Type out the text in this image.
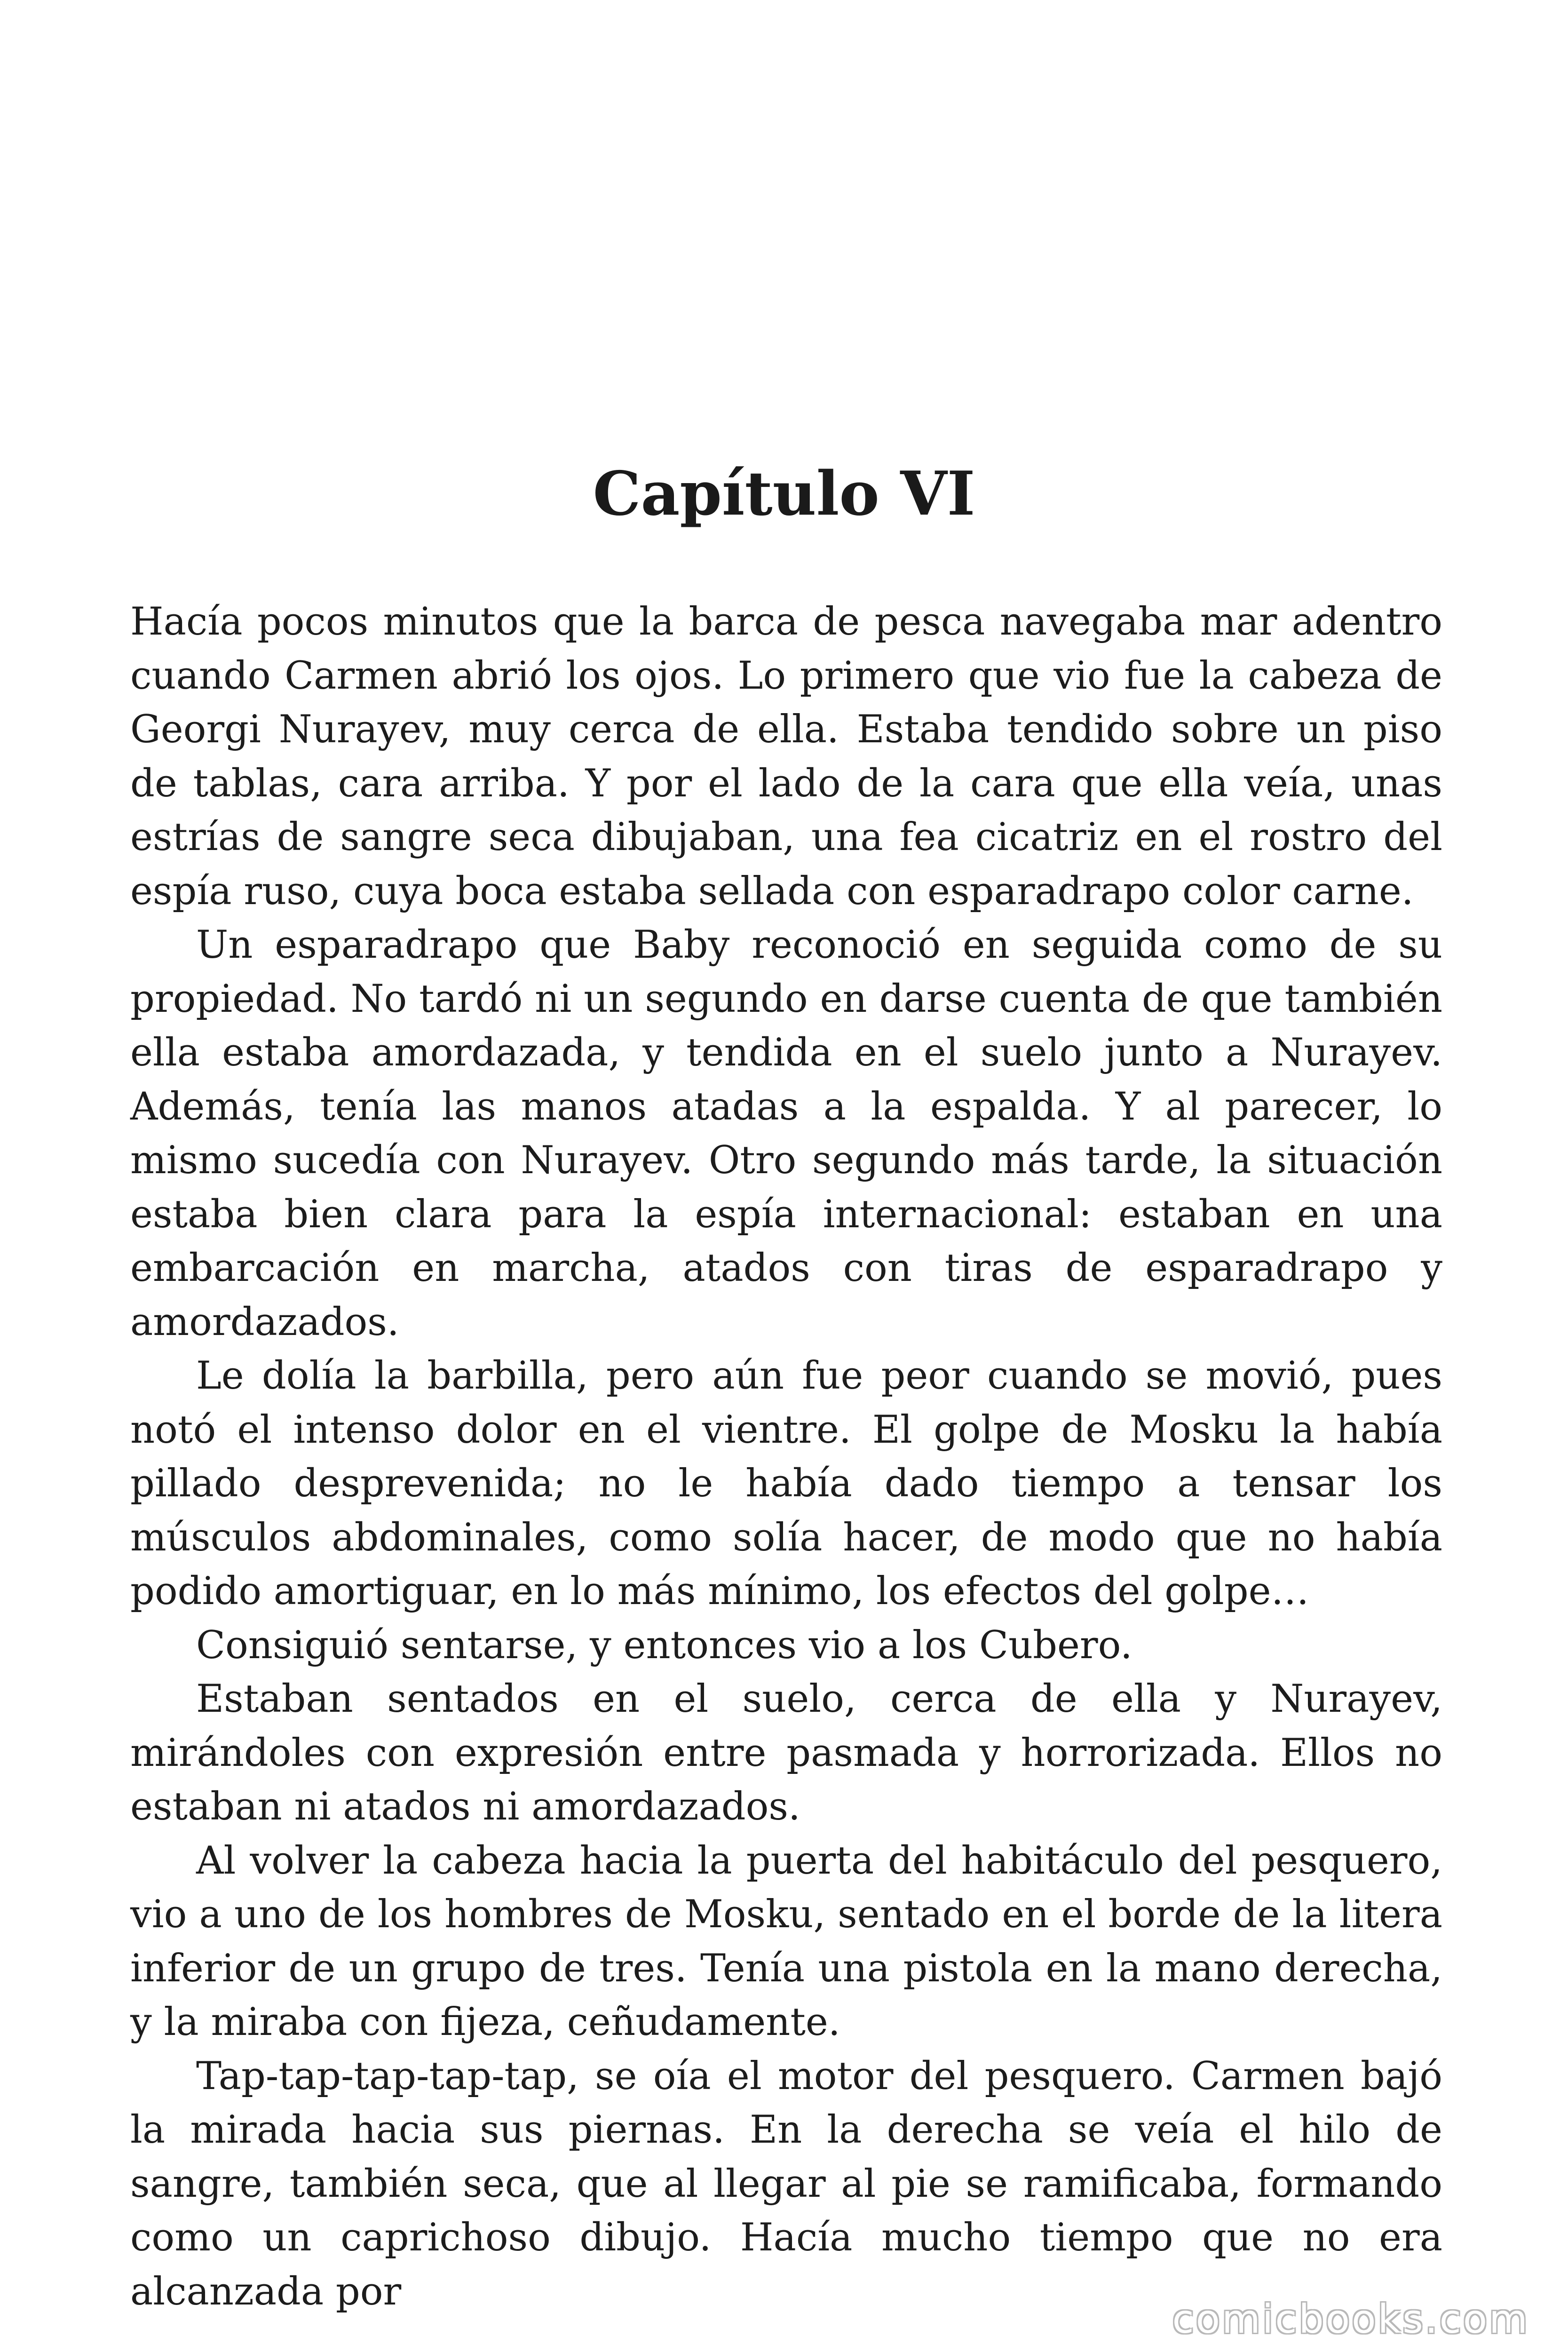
Capítulo VI

Hacía pocos minutos que la barca de pesca navegaba mar adentro cuando Carmen abrió los ojos. Lo primero que vio fue la cabeza de Georgi Nurayev, muy cerca de ella. Estaba tendido sobre un piso de tablas, cara arriba. Y por el lado de la cara que ella veía, unas estrías de sangre seca dibujaban, una fea cicatriz en el rostro del espía ruso, cuya boca estaba sellada con esparadrapo color carne.

Un esparadrapo que Baby reconoció en seguida como de su propiedad. No tardó ni un segundo en darse cuenta de que también ella estaba amordazada, y tendida en el suelo junto a Nurayev. Además, tenía las manos atadas a la espalda. Y al parecer, lo mismo sucedía con Nurayev. Otro segundo más tarde, la situación estaba bien clara para la espía internacional: estaban en una embarcación en marcha, atados con tiras de esparadrapo y amordazados.

Le dolía la barbilla, pero aún fue peor cuando se movió, pues notó el intenso dolor en el vientre. El golpe de Mosku la había pillado desprevenida; no le había dado tiempo a tensar los músculos abdominales, como solía hacer, de modo que no había podido amortiguar, en lo más mínimo, los efectos del golpe…

Consiguió sentarse, y entonces vio a los Cubero.

Estaban sentados en el suelo, cerca de ella y Nurayev, mirándoles con expresión entre pasmada y horrorizada. Ellos no estaban ni atados ni amordazados.

Al volver la cabeza hacia la puerta del habitáculo del pesquero, vio a uno de los hombres de Mosku, sentado en el borde de la litera inferior de un grupo de tres. Tenía una pistola en la mano derecha, y la miraba con fijeza, ceñudamente.

Tap-tap-tap-tap-tap, se oía el motor del pesquero. Carmen bajó la mirada hacia sus piernas. En la derecha se veía el hilo de sangre, también seca, que al llegar al pie se ramificaba, formando como un caprichoso dibujo. Hacía mucho tiempo que no era alcanzada por

comicbooks.com
